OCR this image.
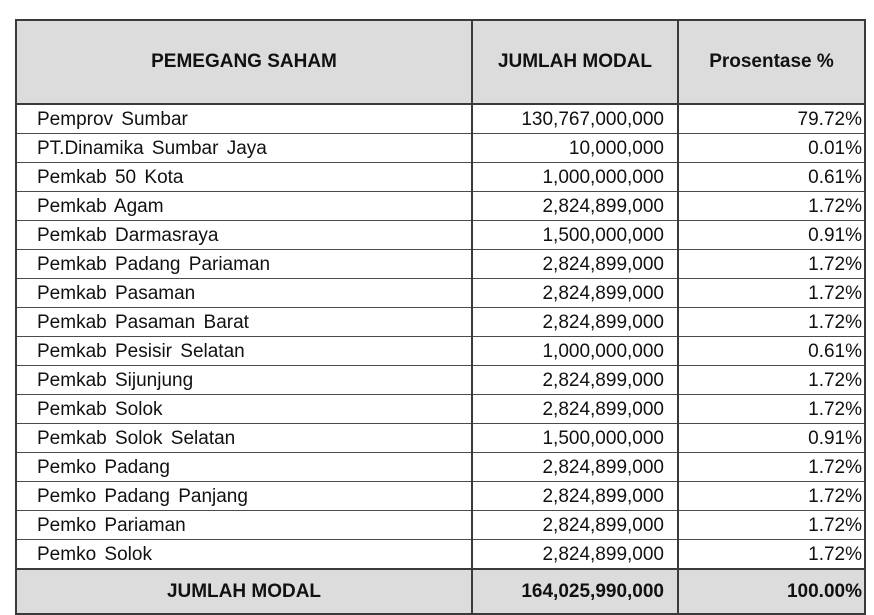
PEMEGANG SAHAM	JUMLAH MODAL	Prosentase %
Pemprov Sumbar	130,767,000,000	79.72%
PT.Dinamika Sumbar Jaya	10,000,000	0.01%
Pemkab 50 Kota	1,000,000,000	0.61%
Pemkab Agam	2,824,899,000	1.72%
Pemkab Darmasraya	1,500,000,000	0.91%
Pemkab Padang Pariaman	2,824,899,000	1.72%
Pemkab Pasaman	2,824,899,000	1.72%
Pemkab Pasaman Barat	2,824,899,000	1.72%
Pemkab Pesisir Selatan	1,000,000,000	0.61%
Pemkab Sijunjung	2,824,899,000	1.72%
Pemkab Solok	2,824,899,000	1.72%
Pemkab Solok Selatan	1,500,000,000	0.91%
Pemko Padang	2,824,899,000	1.72%
Pemko Padang Panjang	2,824,899,000	1.72%
Pemko Pariaman	2,824,899,000	1.72%
Pemko Solok	2,824,899,000	1.72%
JUMLAH MODAL	164,025,990,000	100.00%
